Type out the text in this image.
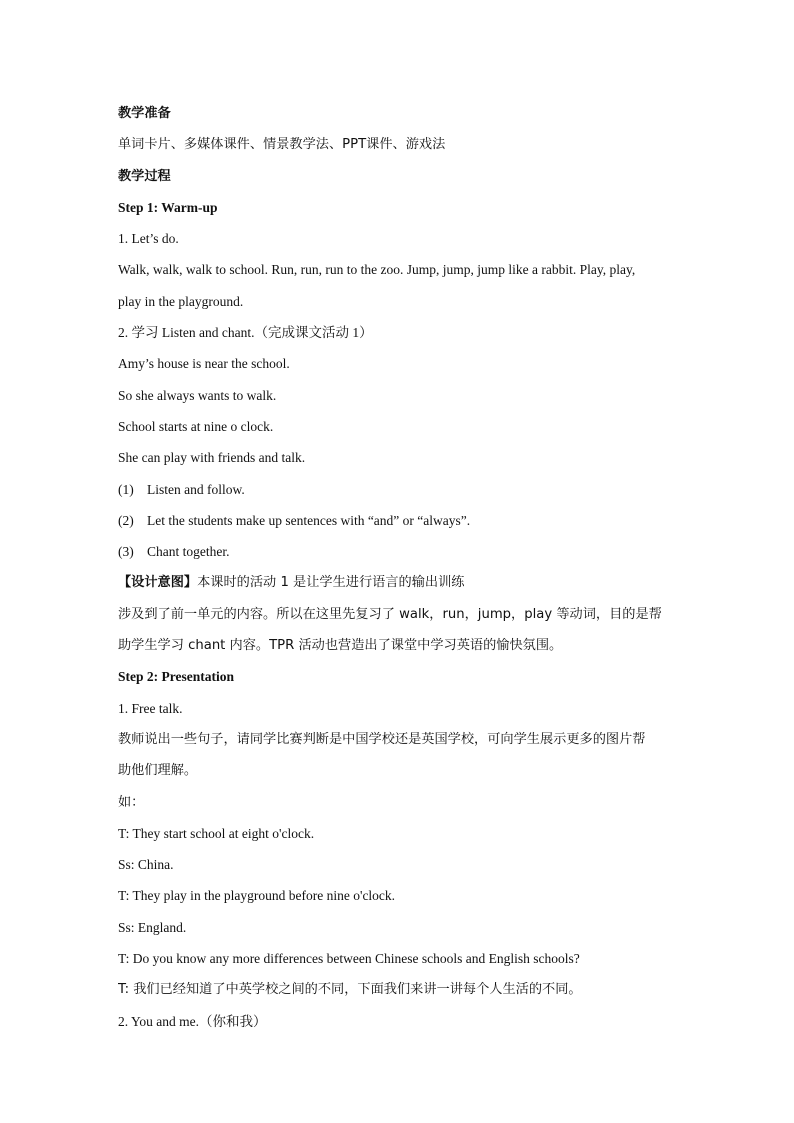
教学准备
单词卡片、多媒体课件、情景教学法、PPT课件、游戏法
教学过程
Step 1: Warm-up
1. Let’s do.
Walk, walk, walk to school. Run, run, run to the zoo. Jump, jump, jump like a rabbit. Play, play,
play in the playground.
2. 学习 Listen and chant.（完成课文活动 1）
Amy’s house is near the school.
So she always wants to walk.
School starts at nine o clock.
She can play with friends and talk.
(1) Listen and follow.
(2) Let the students make up sentences with “and” or “always”.
(3) Chant together.
【设计意图】本课时的活动 1 是让学生进行语言的输出训练
涉及到了前一单元的内容。所以在这里先复习了 walk，run，jump，play 等动词，目的是帮
助学生学习 chant 内容。TPR 活动也营造出了课堂中学习英语的愉快氛围。
Step 2: Presentation
1. Free talk.
教师说出一些句子，请同学比赛判断是中国学校还是英国学校，可向学生展示更多的图片帮
助他们理解。
如：
T: They start school at eight o'clock.
Ss: China.
T: They play in the playground before nine o'clock.
Ss: England.
T: Do you know any more differences between Chinese schools and English schools?
T: 我们已经知道了中英学校之间的不同，下面我们来讲一讲每个人生活的不同。
2. You and me.（你和我）
